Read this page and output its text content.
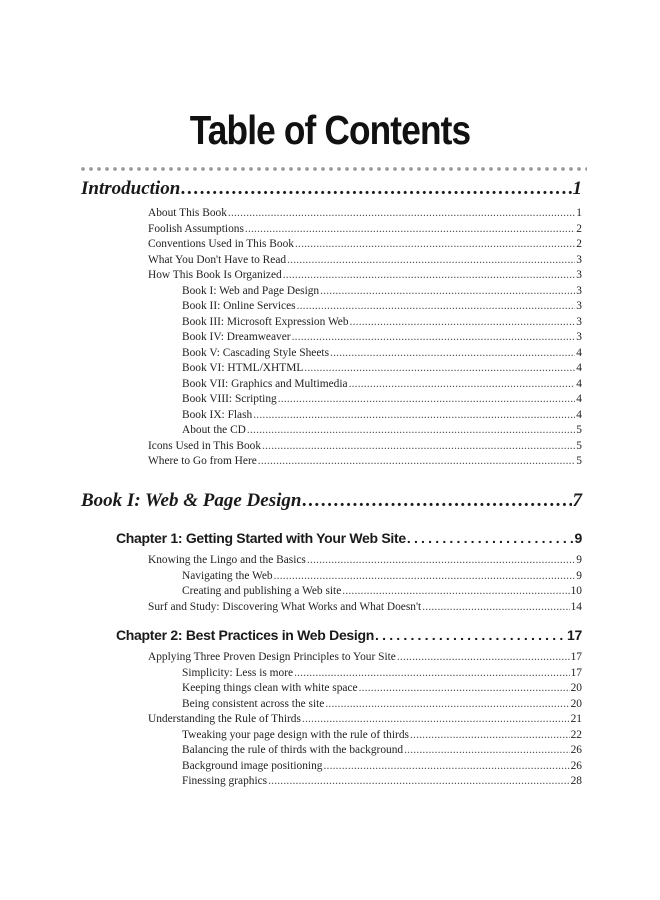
Table of Contents
Introduction .....	1
About This Book .....	1
Foolish Assumptions .....	2
Conventions Used in This Book .....	2
What You Don't Have to Read .....	3
How This Book Is Organized .....	3
Book I: Web and Page Design .....	3
Book II: Online Services .....	3
Book III: Microsoft Expression Web .....	3
Book IV: Dreamweaver .....	3
Book V: Cascading Style Sheets .....	4
Book VI: HTML/XHTML .....	4
Book VII: Graphics and Multimedia .....	4
Book VIII: Scripting .....	4
Book IX: Flash .....	4
About the CD .....	5
Icons Used in This Book .....	5
Where to Go from Here .....	5
Book I: Web & Page Design .....	7
Chapter 1: Getting Started with Your Web Site .....	9
Knowing the Lingo and the Basics .....	9
Navigating the Web .....	9
Creating and publishing a Web site .....	10
Surf and Study: Discovering What Works and What Doesn't .....	14
Chapter 2: Best Practices in Web Design .....	17
Applying Three Proven Design Principles to Your Site .....	17
Simplicity: Less is more .....	17
Keeping things clean with white space .....	20
Being consistent across the site .....	20
Understanding the Rule of Thirds .....	21
Tweaking your page design with the rule of thirds .....	22
Balancing the rule of thirds with the background .....	26
Background image positioning .....	26
Finessing graphics .....	28
